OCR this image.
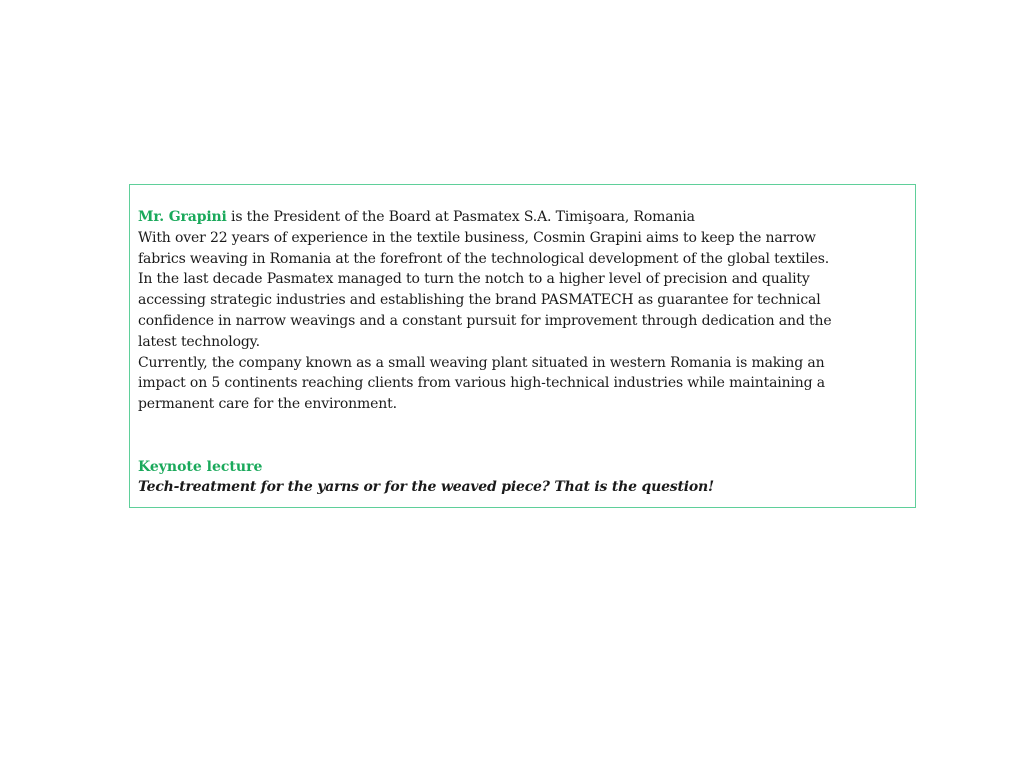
Mr. Grapini is the President of the Board at Pasmatex S.A. Timişoara, Romania
With over 22 years of experience in the textile business, Cosmin Grapini aims to keep the narrow
fabrics weaving in Romania at the forefront of the technological development of the global textiles.
In the last decade Pasmatex managed to turn the notch to a higher level of precision and quality
accessing strategic industries and establishing the brand PASMATECH as guarantee for technical
confidence in narrow weavings and a constant pursuit for improvement through dedication and the
latest technology.
Currently, the company known as a small weaving plant situated in western Romania is making an
impact on 5 continents reaching clients from various high-technical industries while maintaining a
permanent care for the environment.
Keynote lecture
Tech-treatment for the yarns or for the weaved piece? That is the question!
